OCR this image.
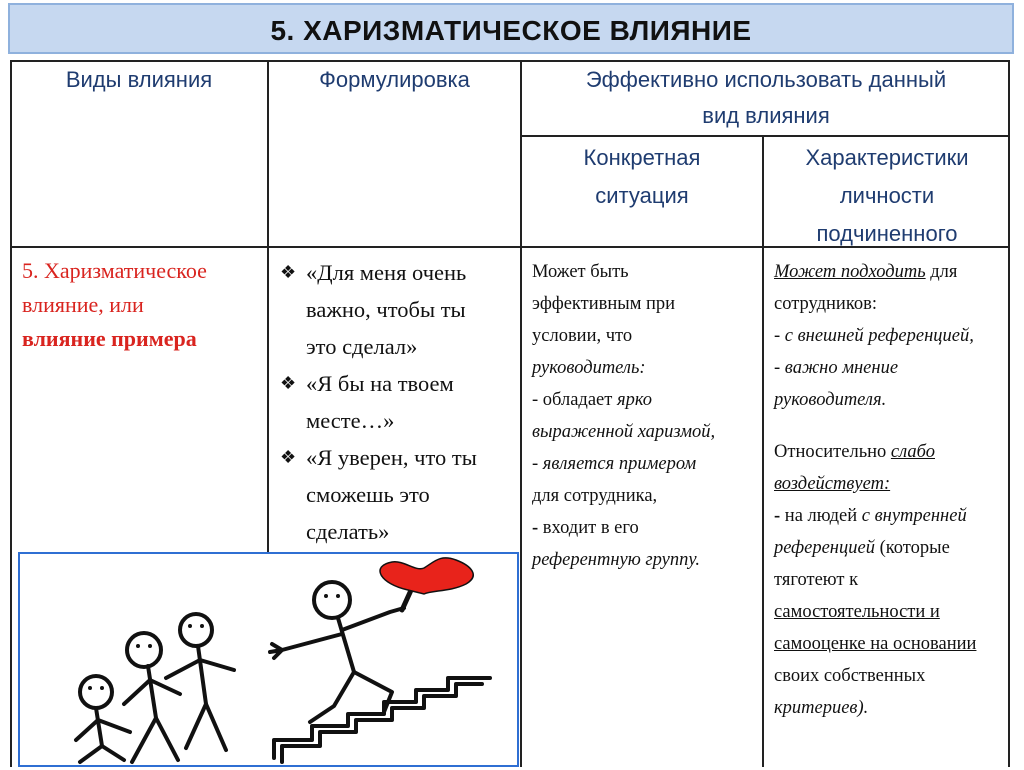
5. ХАРИЗМАТИЧЕСКОЕ ВЛИЯНИЕ
Виды влияния	Формулировка	Эффективно использовать данный
вид влияния
Конкретная
ситуация
Характеристики
личности
подчиненного
5. Харизматическое
влияние, или
влияние примера
❖ «Для меня очень
важно, чтобы ты
это сделал»
❖ «Я бы на твоем
месте…»
❖ «Я уверен, что ты
сможешь это
сделать»
Может быть
эффективным при
условии, что
руководитель:
- обладает ярко
выраженной харизмой,
- является примером
для сотрудника,
- входит в его
референтную группу.
Может подходить для
сотрудников:
- с внешней референцией,
- важно мнение
руководителя.
Относительно слабо
воздействует:
- на людей с внутренней
референцией (которые
тяготеют к
самостоятельности и
самооценке на основании
своих собственных
критериев).
